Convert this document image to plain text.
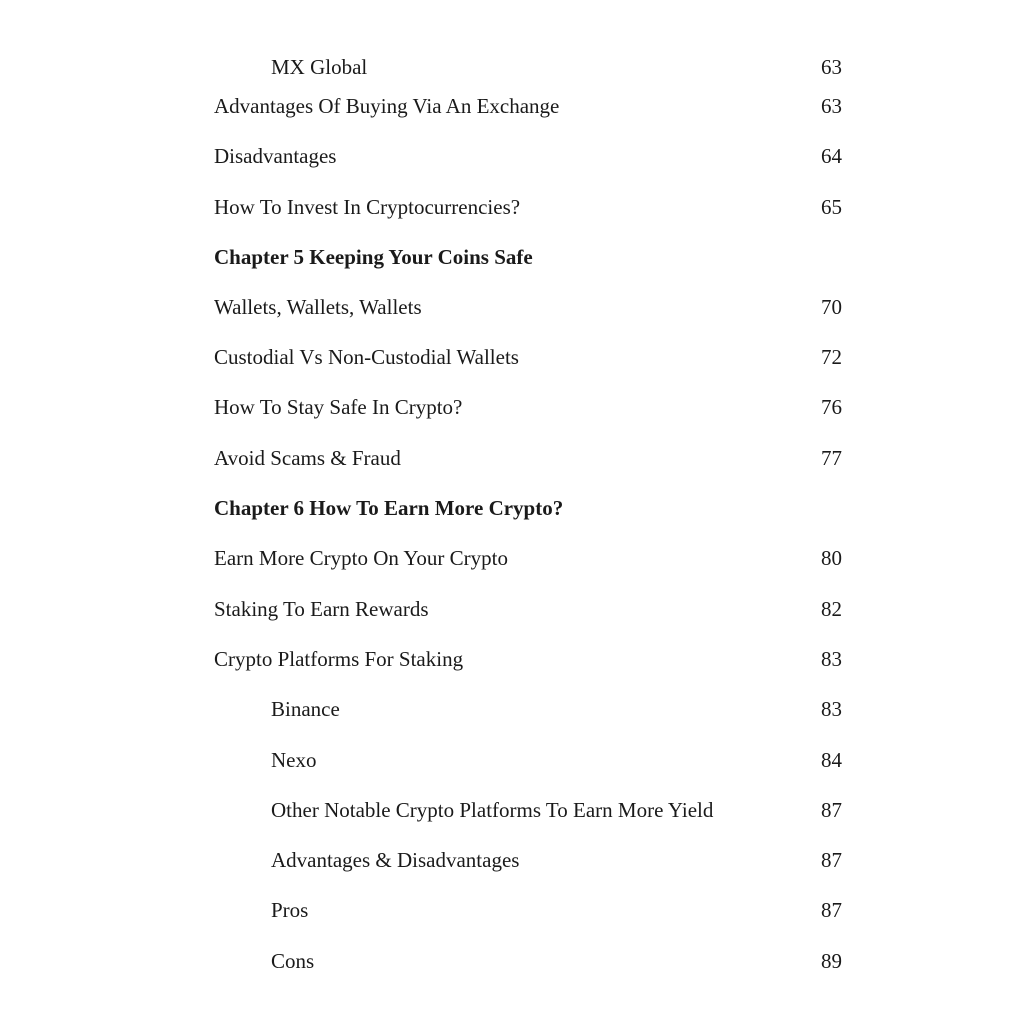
MX Global	63
Advantages Of Buying Via An Exchange	63
Disadvantages	64
How To Invest In Cryptocurrencies?	65
Chapter 5 Keeping Your Coins Safe
Wallets, Wallets, Wallets	70
Custodial Vs Non-Custodial Wallets	72
How To Stay Safe In Crypto?	76
Avoid Scams & Fraud	77
Chapter 6 How To Earn More Crypto?
Earn More Crypto On Your Crypto	80
Staking To Earn Rewards	82
Crypto Platforms For Staking	83
Binance	83
Nexo	84
Other Notable Crypto Platforms To Earn More Yield	87
Advantages & Disadvantages	87
Pros	87
Cons	89
